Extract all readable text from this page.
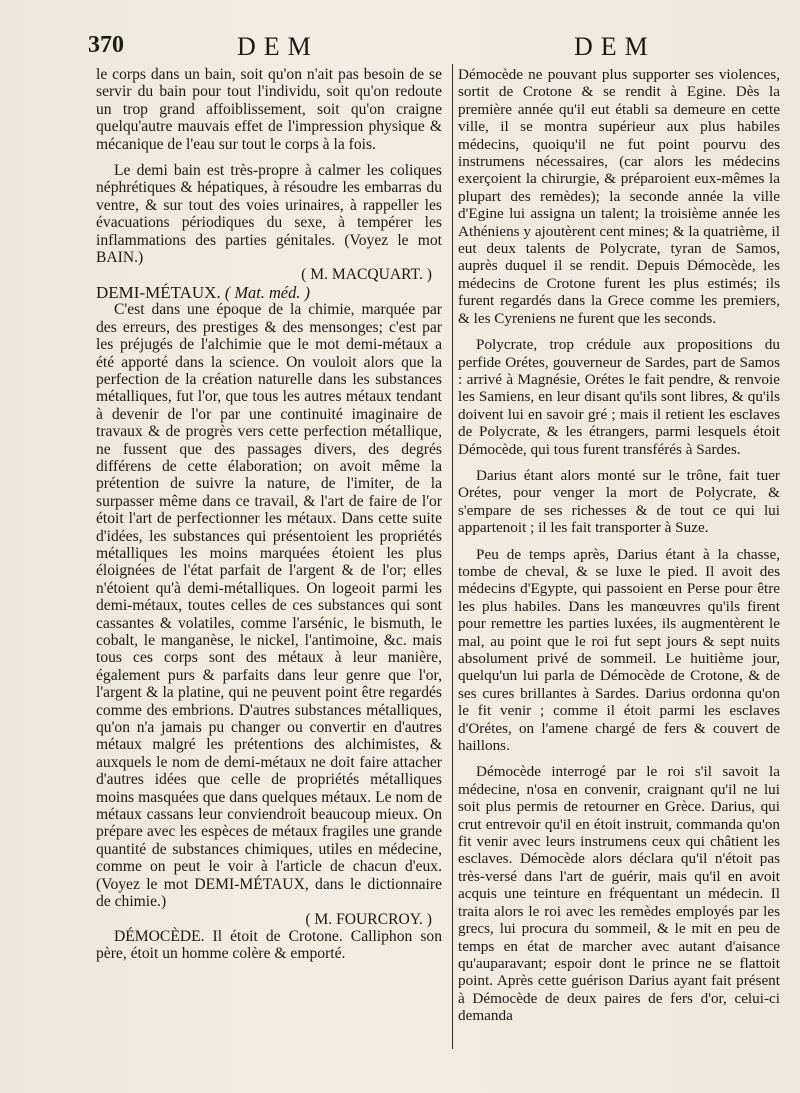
370	DEM	DEM

le corps dans un bain, soit qu'on n'ait pas besoin de se servir du bain pour tout l'individu, soit qu'on redoute un trop grand affoiblissement, soit qu'on craigne quelqu'autre mauvais effet de l'impression physique & mécanique de l'eau sur tout le corps à la fois.

Le demi bain est très-propre à calmer les coliques néphrétiques & hépatiques, à résoudre les embarras du ventre, & sur tout des voies urinaires, à rappeller les évacuations périodiques du sexe, à tempérer les inflammations des parties génitales. (Voyez le mot BAIN.)

( M. MACQUART. )

DEMI-MÉTAUX. ( Mat. méd. )

C'est dans une époque de la chimie, marquée par des erreurs, des prestiges & des mensonges; c'est par les préjugés de l'alchimie que le mot demi-métaux a été apporté dans la science. On vouloit alors que la perfection de la création naturelle dans les substances métalliques, fut l'or, que tous les autres métaux tendant à devenir de l'or par une continuité imaginaire de travaux & de progrès vers cette perfection métallique, ne fussent que des passages divers, des degrés différens de cette élaboration; on avoit même la prétention de suivre la nature, de l'imiter, de la surpasser même dans ce travail, & l'art de faire de l'or étoit l'art de perfectionner les métaux. Dans cette suite d'idées, les substances qui présentoient les propriétés métalliques les moins marquées étoient les plus éloignées de l'état parfait de l'argent & de l'or; elles n'étoient qu'à demi-métalliques. On logeoit parmi les demi-métaux, toutes celles de ces substances qui sont cassantes & volatiles, comme l'arsénic, le bismuth, le cobalt, le manganèse, le nickel, l'antimoine, &c. mais tous ces corps sont des métaux à leur manière, également purs & parfaits dans leur genre que l'or, l'argent & la platine, qui ne peuvent point être regardés comme des embrions. D'autres substances métalliques, qu'on n'a jamais pu changer ou convertir en d'autres métaux malgré les prétentions des alchimistes, & auxquels le nom de demi-métaux ne doit faire attacher d'autres idées que celle de propriétés métalliques moins masquées que dans quelques métaux. Le nom de métaux cassans leur conviendroit beaucoup mieux. On prépare avec les espèces de métaux fragiles une grande quantité de substances chimiques, utiles en médecine, comme on peut le voir à l'article de chacun d'eux. (Voyez le mot DEMI-MÉTAUX, dans le dictionnaire de chimie.)

( M. FOURCROY. )

DÉMOCÈDE. Il étoit de Crotone. Calliphon son père, étoit un homme colère & emporté.

Démocède ne pouvant plus supporter ses violences, sortit de Crotone & se rendit à Egine. Dès la première année qu'il eut établi sa demeure en cette ville, il se montra supérieur aux plus habiles médecins, quoiqu'il ne fut point pourvu des instrumens nécessaires, (car alors les médecins exerçoient la chirurgie, & préparoient eux-mêmes la plupart des remèdes); la seconde année la ville d'Egine lui assigna un talent; la troisième année les Athéniens y ajoutèrent cent mines; & la quatrième, il eut deux talents de Polycrate, tyran de Samos, auprès duquel il se rendit. Depuis Démocède, les médecins de Crotone furent les plus estimés; ils furent regardés dans la Grece comme les premiers, & les Cyreniens ne furent que les seconds.

Polycrate, trop crédule aux propositions du perfide Orétes, gouverneur de Sardes, part de Samos : arrivé à Magnésie, Orétes le fait pendre, & renvoie les Samiens, en leur disant qu'ils sont libres, & qu'ils doivent lui en savoir gré ; mais il retient les esclaves de Polycrate, & les étrangers, parmi lesquels étoit Démocède, qui tous furent transférés à Sardes.

Darius étant alors monté sur le trône, fait tuer Orétes, pour venger la mort de Polycrate, & s'empare de ses richesses & de tout ce qui lui appartenoit ; il les fait transporter à Suze.

Peu de temps après, Darius étant à la chasse, tombe de cheval, & se luxe le pied. Il avoit des médecins d'Egypte, qui passoient en Perse pour être les plus habiles. Dans les manœuvres qu'ils firent pour remettre les parties luxées, ils augmentèrent le mal, au point que le roi fut sept jours & sept nuits absolument privé de sommeil. Le huitième jour, quelqu'un lui parla de Démocède de Crotone, & de ses cures brillantes à Sardes. Darius ordonna qu'on le fit venir ; comme il étoit parmi les esclaves d'Orétes, on l'amene chargé de fers & couvert de haillons.

Démocède interrogé par le roi s'il savoit la médecine, n'osa en convenir, craignant qu'il ne lui soit plus permis de retourner en Grèce. Darius, qui crut entrevoir qu'il en étoit instruit, commanda qu'on fit venir avec leurs instrumens ceux qui châtient les esclaves. Démocède alors déclara qu'il n'étoit pas très-versé dans l'art de guérir, mais qu'il en avoit acquis une teinture en fréquentant un médecin. Il traita alors le roi avec les remèdes employés par les grecs, lui procura du sommeil, & le mit en peu de temps en état de marcher avec autant d'aisance qu'auparavant; espoir dont le prince ne se flattoit point. Après cette guérison Darius ayant fait présent à Démocède de deux paires de fers d'or, celui-ci demanda
